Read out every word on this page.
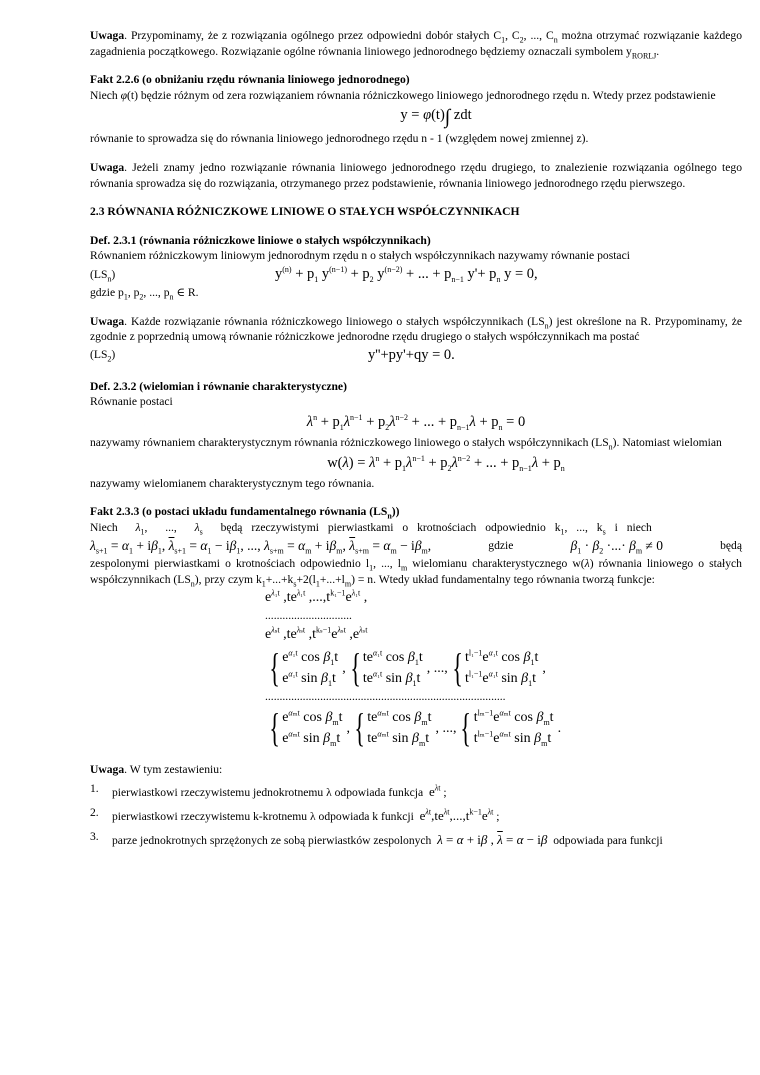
Uwaga. Przypominamy, że z rozwiązania ogólnego przez odpowiedni dobór stałych $C_1$, $C_2$, ..., $C_n$ można otrzymać rozwiązanie każdego zagadnienia początkowego. Rozwiązanie ogólne równania liniowego jednorodnego będziemy oznaczali symbolem $y_{RORLJ}$.

Fakt 2.2.6 (o obniżaniu rzędu równania liniowego jednorodnego)

Niech φ(t) będzie różnym od zera rozwiązaniem równania różniczkowego liniowego jednorodnego rzędu n. Wtedy przez podstawienie

y = φ(t)∫ zdt

równanie to sprowadza się do równania liniowego jednorodnego rzędu n - 1 (względem nowej zmiennej z).

Uwaga. Jeżeli znamy jedno rozwiązanie równania liniowego jednorodnego rzędu drugiego, to znalezienie rozwiązania ogólnego tego równania sprowadza się do rozwiązania, otrzymanego przez podstawienie, równania liniowego jednorodnego rzędu pierwszego.

2.3 RÓWNANIA RÓŻNICZKOWE LINIOWE O STAŁYCH WSPÓŁCZYNNIKACH

Def. 2.3.1 (równania różniczkowe liniowe o stałych współczynnikach)

Równaniem różniczkowym liniowym jednorodnym rzędu n o stałych współczynnikach nazywamy równanie postaci

$(LS_n)$	$y^{(n)} + p_1$ $y^{(n-1)} + p_2$ $y^{(n-2)}$ + ... + $p_{n-1}$ $y'+ p_n$ y = 0,

gdzie $p_1$, $p_2$, ..., $p_n$ ∈ R.

Uwaga. Każde rozwiązanie równania różniczkowego liniowego o stałych współczynnikach $(LS_n)$ jest określone na R. Przypominamy, że zgodnie z poprzednią umową równanie różniczkowe jednorodne rzędu drugiego o stałych współczynnikach ma postać

$(LS_2)$	y''+py'+qy = 0.

Def. 2.3.2 (wielomian i równanie charakterystyczne)

Równanie postaci

$\lambda^n + p_1\lambda^{n-1} + p_2\lambda^{n-2}$ + ... + $p_{n-1}\lambda + p_n = 0$

nazywamy równaniem charakterystycznym równania różniczkowego liniowego o stałych współczynnikach $(LS_n)$. Natomiast wielomian

$w(\lambda) = \lambda^n + p_1\lambda^{n-1} + p_2\lambda^{n-2}$ + ... + $p_{n-1}\lambda + p_n$

nazywamy wielomianem charakterystycznym tego równania.

Fakt 2.3.3 (o postaci układu fundamentalnego równania $(LS_n)$)

Niech  $\lambda_1$,  ...,  $\lambda_s$  będą rzeczywistymi pierwiastkami o krotnościach odpowiednio $k_1$, ..., $k_s$ i niech

$\lambda_{s+1} = \alpha_1 + i\beta_1$, $\overline{\lambda}_{s+1} = \alpha_1 - i\beta_1$, ..., $\lambda_{s+m} = \alpha_m + i\beta_m$, $\overline{\lambda}_{s+m} = \alpha_m - i\beta_m$,	gdzie	$\beta_1 \cdot \beta_2$ ·...· $\beta_m \ne 0$	będą

zespolonymi pierwiastkami o krotnościach odpowiednio $l_1$, ..., $l_m$ wielomianu charakterystycznego w(λ) równania liniowego o stałych współczynnikach $(LS_n)$, przy czym $k_1+...+k_s+2(l_1+...+l_m) = n$. Wtedy układ fundamentalny tego równania tworzą funkcje:

$e^{\lambda_1t}$ $,te^{\lambda_1t}$ $,...,t^{k_1-1}e^{\lambda_1t}$ ,
..............................
$e^{\lambda_st}$ $,te^{\lambda_st}$ $,t^{k_s-1}e^{\lambda_st}$ $,e^{\lambda_st}$
{ $e^{\alpha_1t}$ $\cos \beta_1t$
$e^{\alpha_1t}$ $\sin \beta_1t$
, { $te^{\alpha_1t}$ $\cos \beta_1t$
$te^{\alpha_1t}$ $\sin \beta_1t$
, ..., { $t^{l_1-1}e^{\alpha_1t}$ $\cos \beta_1t$
$t^{l_1-1}e^{\alpha_1t}$ $\sin \beta_1t$
,
...................................................................................
{ $e^{\alpha_mt}$ $\cos \beta_mt$
$e^{\alpha_mt}$ $\sin \beta_mt$
, { $te^{\alpha_mt}$ $\cos \beta_mt$
$te^{\alpha_mt}$ $\sin \beta_mt$
, ..., { $t^{l_m-1}e^{\alpha_mt}$ $\cos \beta_mt$
$t^{l_m-1}e^{\alpha_mt}$ $\sin \beta_mt$
.

Uwaga. W tym zestawieniu:

1.	pierwiastkowi rzeczywistemu jednokrotnemu λ odpowiada funkcja $e^{\lambda t}$ ;
2.	pierwiastkowi rzeczywistemu k-krotnemu λ odpowiada k funkcji $e^{\lambda t},te^{\lambda t},...,t^{k-1}e^{\lambda t}$ ;
3.	parze jednokrotnych sprzężonych ze sobą pierwiastków zespolonych λ = α + iβ , $\overline{\lambda} = \alpha - i\beta$ odpowiada para funkcji
